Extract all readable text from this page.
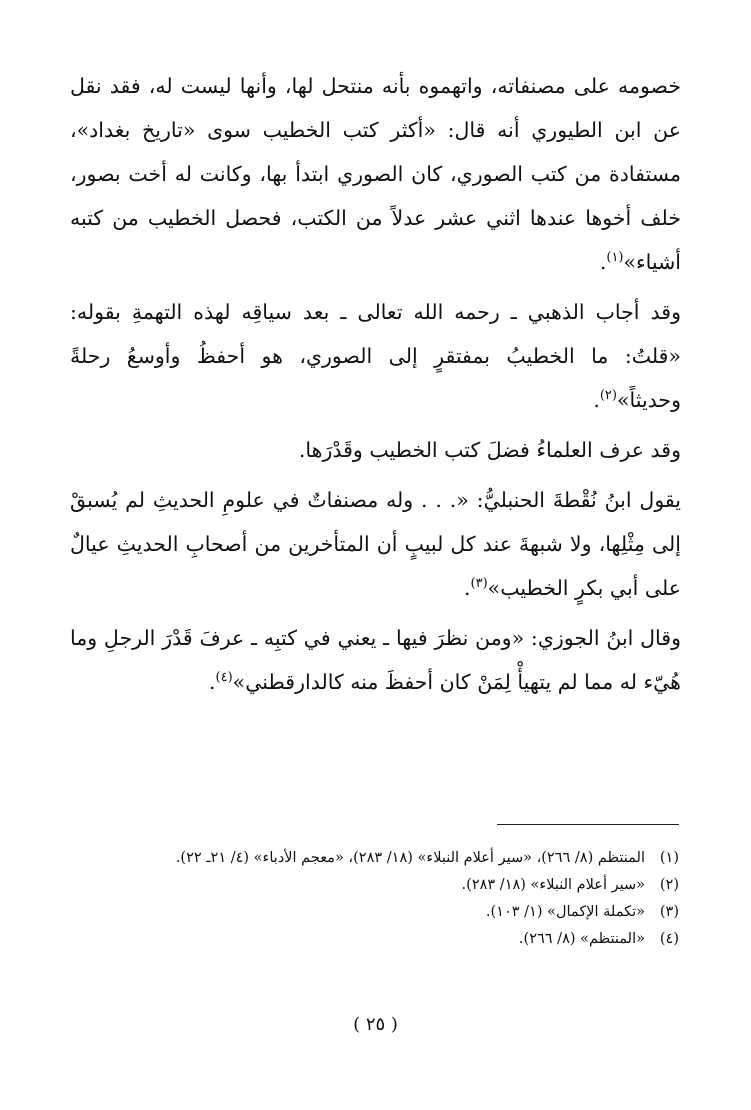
خصومه على مصنفاته، واتهموه بأنه منتحل لها، وأنها ليست له، فقد نقل عن ابن الطيوري أنه قال: «أكثر كتب الخطيب سوى «تاريخ بغداد»، مستفادة من كتب الصوري، كان الصوري ابتدأ بها، وكانت له أخت بصور، خلف أخوها عندها اثني عشر عدلاً من الكتب، فحصل الخطيب من كتبه أشياء»$^{(١)}$.

وقد أجاب الذهبي ـ رحمه الله تعالى ـ بعد سياقِه لهذه التهمةِ بقوله: «قلتُ: ما الخطيبُ بمفتقرٍ إلى الصوري، هو أحفظُ وأوسعُ رحلةً وحديثاً»$^{(٢)}$.

وقد عرف العلماءُ فضلَ كتب الخطيب وقَدْرَها.

يقول ابنُ نُقْطةَ الحنبليُّ: «. . . وله مصنفاتٌ في علومِ الحديثِ لم يُسبقْ إلى مِثْلِها، ولا شبهةَ عند كل لبيبٍ أن المتأخرين من أصحابِ الحديثِ عيالٌ على أبي بكرٍ الخطيب»$^{(٣)}$.

وقال ابنُ الجوزي: «ومن نظرَ فيها ـ يعني في كتبِه ـ عرفَ قَدْرَ الرجلِ وما هُيّء له مما لم يتهيأْ لِمَنْ كان أحفظَ منه كالدارقطني»$^{(٤)}$.

(١)
المنتظم (٨/ ٢٦٦)، «سير أعلام النبلاء» (١٨/ ٢٨٣)، «معجم الأدباء» (٤/ ٢١ـ ٢٢).
(٢)
«سير أعلام النبلاء» (١٨/ ٢٨٣).
(٣)
«تكملة الإكمال» (١/ ١٠٣).
(٤)
«المنتظم» (٨/ ٢٦٦).
( ٢٥ )
